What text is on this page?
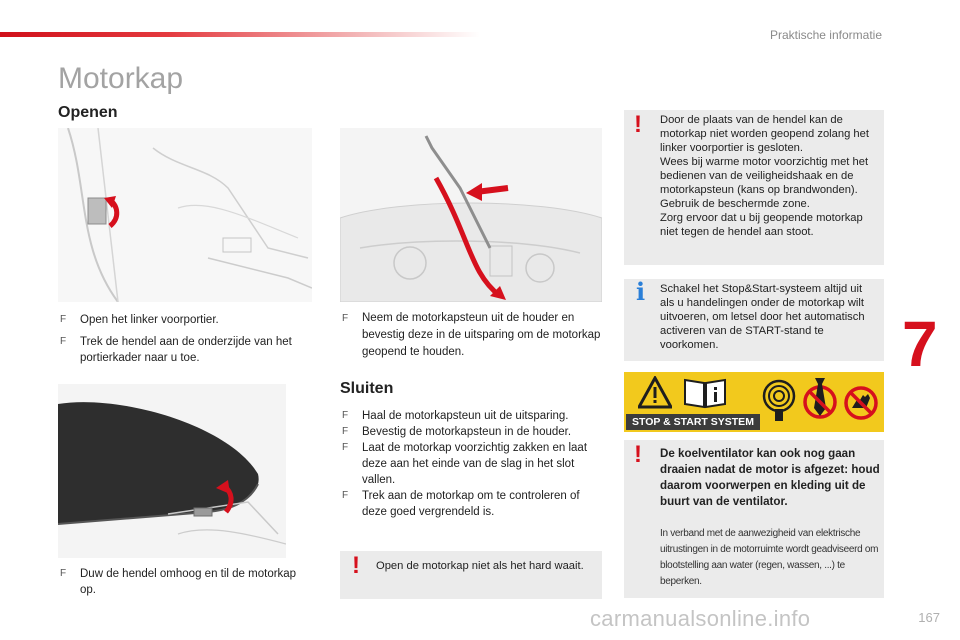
Praktische informatie
7
Motorkap
Openen
F Open het linker voorportier.
F Trek de hendel aan de onderzijde van het portierkader naar u toe.
F Duw de hendel omhoog en til de motorkap op.
F Neem de motorkapsteun uit de houder en bevestig deze in de uitsparing om de motorkap geopend te houden.
Sluiten
F Haal de motorkapsteun uit de uitsparing.
F Bevestig de motorkapsteun in de houder.
F Laat de motorkap voorzichtig zakken en laat deze aan het einde van de slag in het slot vallen.
F Trek aan de motorkap om te controleren of deze goed vergrendeld is.
! Open de motorkap niet als het hard waait.
! Door de plaats van de hendel kan de motorkap niet worden geopend zolang het linker voorportier is gesloten.
Wees bij warme motor voorzichtig met het bedienen van de veiligheidshaak en de motorkapsteun (kans op brandwonden). Gebruik de beschermde zone.
Zorg ervoor dat u bij geopende motorkap niet tegen de hendel aan stoot.
i Schakel het Stop&Start-systeem altijd uit als u handelingen onder de motorkap wilt uitvoeren, om letsel door het automatisch activeren van de START-stand te voorkomen.
STOP & START SYSTEM
! De koelventilator kan ook nog gaan draaien nadat de motor is afgezet: houd daarom voorwerpen en kleding uit de buurt van de ventilator.
In verband met de aanwezigheid van elektrische uitrustingen in de motorruimte wordt geadviseerd om blootstelling aan water (regen, wassen, ...) te beperken.
carmanualsonline.info	167
